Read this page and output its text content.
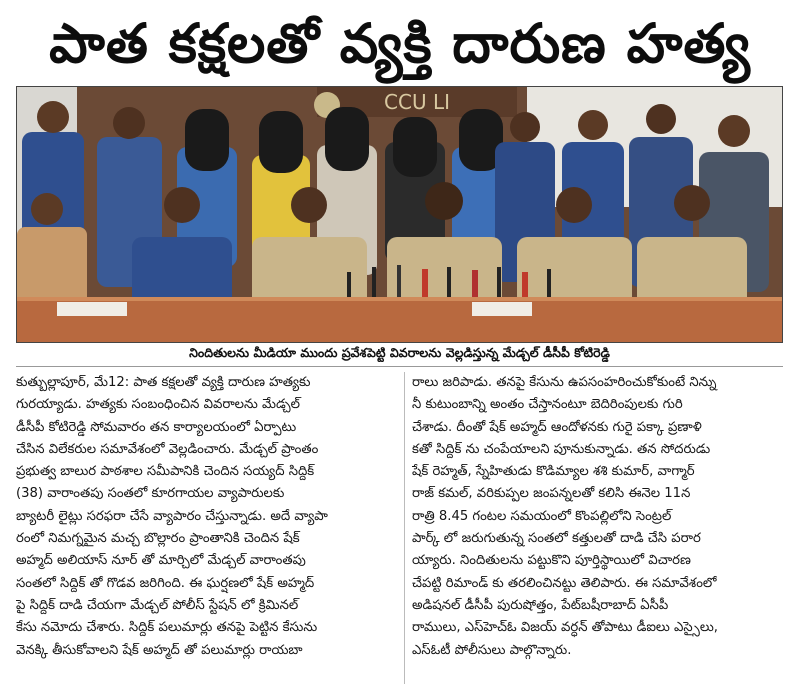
పాత కక్షలతో వ్యక్తి దారుణ హత్య
CCU LI
నిందితులను మీడియా ముందు ప్రవేశపెట్టి వివరాలను వెల్లడిస్తున్న మేడ్చల్ డీసీపీ కోటిరెడ్డి
కుత్బుల్లాపూర్, మే12: పాత కక్షలతో వ్యక్తి దారుణ హత్యకు
గురయ్యాడు. హత్యకు సంబంధించిన వివరాలను మేడ్చల్
డీసీపీ కోటిరెడ్డి సోమవారం తన కార్యాలయంలో ఏర్పాటు
చేసిన విలేకరుల సమావేశంలో వెల్లడించారు. మేడ్చల్ ప్రాంతం
ప్రభుత్వ బాలుర పాఠశాల సమీపానికి చెందిన సయ్యద్ సిద్దిక్
(38) వారాంతపు సంతలో కూరగాయల వ్యాపారులకు
బ్యాటరీ లైట్లు సరఫరా చేసే వ్యాపారం చేస్తున్నాడు. అదే వ్యాపా
రంలో నిమగ్నమైన మచ్చ బొల్లారం ప్రాంతానికి చెందిన షేక్
అహ్మద్ అలియాస్ నూర్ తో మార్చిలో మేడ్చల్ వారాంతపు
సంతలో సిద్దిక్ తో గొడవ జరిగింది. ఈ ఘర్షణలో షేక్ అహ్మద్
పై సిద్దిక్ దాడి చేయగా మేడ్చల్ పోలీస్ స్టేషన్ లో క్రిమినల్
కేసు నమోదు చేశారు. సిద్దిక్ పలుమార్లు తనపై పెట్టిన కేసును
వెనక్కి తీసుకోవాలని షేక్ అహ్మద్ తో పలుమార్లు రాయబా
రాలు జరిపాడు. తనపై కేసును ఉపసంహరించుకోకుంటే నిన్ను
నీ కుటుంబాన్ని అంతం చేస్తానంటూ బెదిరింపులకు గురి
చేశాడు. దీంతో షేక్ అహ్మద్ ఆందోళనకు గురై పక్కా ప్రణాళి
కతో సిద్దిక్ ను చంపేయాలని పూనుకున్నాడు. తన సోదరుడు
షేక్ రెహ్మత్, స్నేహితుడు కొడిమ్యాల శశి కుమార్, వాగ్మార్
రాజ్ కమల్, వరికుప్పల జంపన్నలతో కలిసి ఈనెల 11న
రాత్రి 8.45 గంటల సమయంలో కొంపల్లిలోని సెంట్రల్
పార్క్ లో జరుగుతున్న సంతలో కత్తులతో దాడి చేసి పరార
య్యారు. నిందితులను పట్టుకొని పూర్తిస్థాయిలో విచారణ
చేపట్టి రిమాండ్ కు తరలించినట్టు తెలిపారు. ఈ సమావేశంలో
అడిషనల్ డీసీపీ పురుషోత్తం, పేట్‌బషీరాబాద్ ఏసీపీ
రాములు, ఎస్‌హెచ్‌ఓ విజయ్ వర్ధన్ తోపాటు డీఐలు ఎస్సైలు,
ఎస్ఓటీ పోలీసులు పాల్గొన్నారు.
